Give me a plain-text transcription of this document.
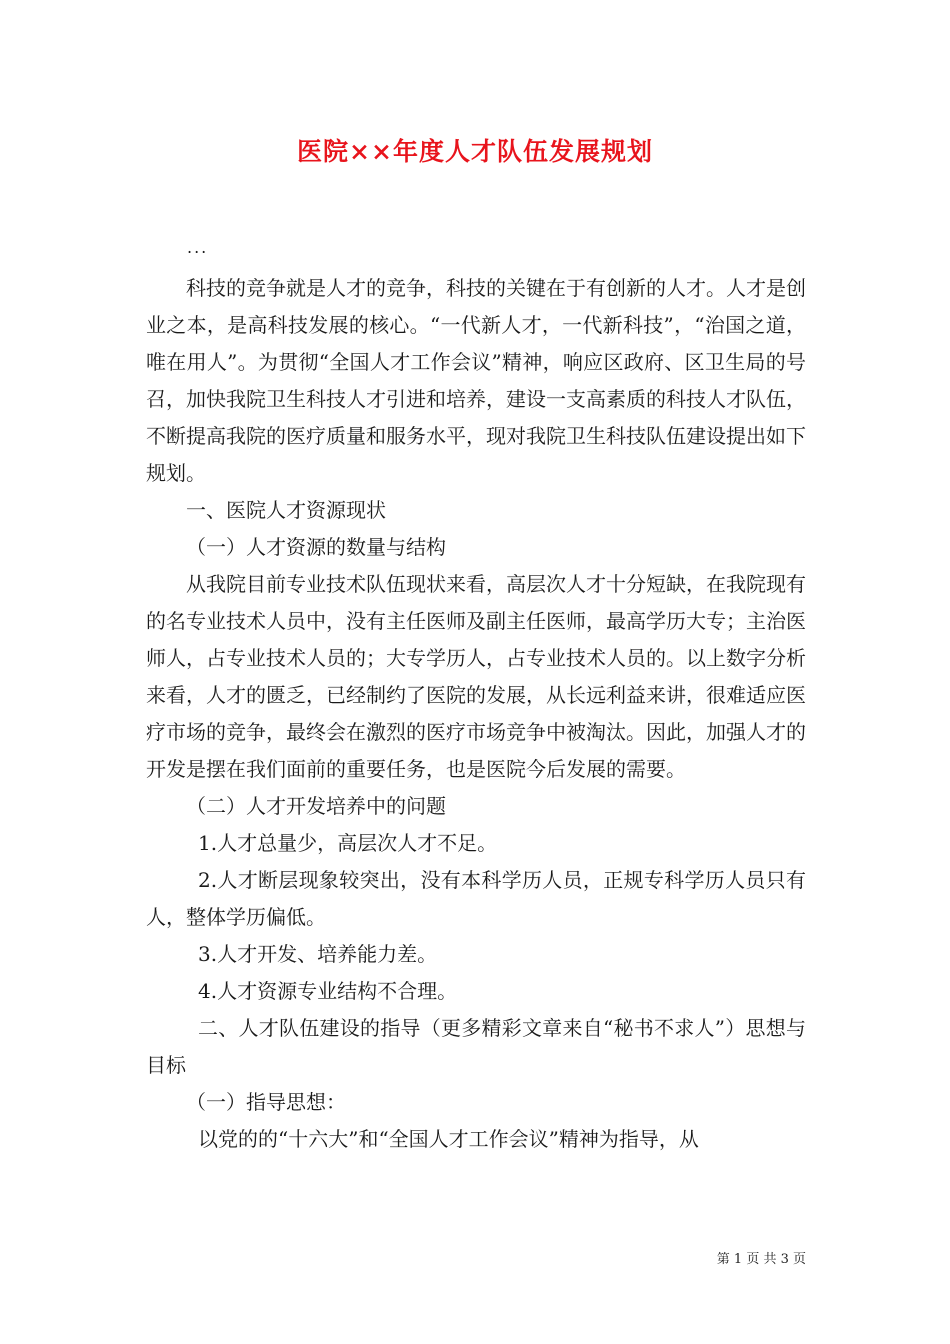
医院××年度人才队伍发展规划
...

科技的竞争就是人才的竞争，科技的关键在于有创新的人才。人才是创业之本，是高科技发展的核心。“一代新人才，一代新科技”，“治国之道，唯在用人”。为贯彻“全国人才工作会议”精神，响应区政府、区卫生局的号召，加快我院卫生科技人才引进和培养，建设一支高素质的科技人才队伍，不断提高我院的医疗质量和服务水平，现对我院卫生科技队伍建设提出如下规划。

一、医院人才资源现状

（一）人才资源的数量与结构

从我院目前专业技术队伍现状来看，高层次人才十分短缺，在我院现有的名专业技术人员中，没有主任医师及副主任医师，最高学历大专；主治医师人，占专业技术人员的；大专学历人，占专业技术人员的。以上数字分析来看，人才的匮乏，已经制约了医院的发展，从长远利益来讲，很难适应医疗市场的竞争，最终会在激烈的医疗市场竞争中被淘汰。因此，加强人才的开发是摆在我们面前的重要任务，也是医院今后发展的需要。

（二）人才开发培养中的问题

1.人才总量少，高层次人才不足。

2.人才断层现象较突出，没有本科学历人员，正规专科学历人员只有人，整体学历偏低。

3.人才开发、培养能力差。

4.人才资源专业结构不合理。

二、人才队伍建设的指导（更多精彩文章来自“秘书不求人”）思想与目标

（一）指导思想：

以党的的“十六大”和“全国人才工作会议”精神为指导，从

第 1 页 共 3 页
